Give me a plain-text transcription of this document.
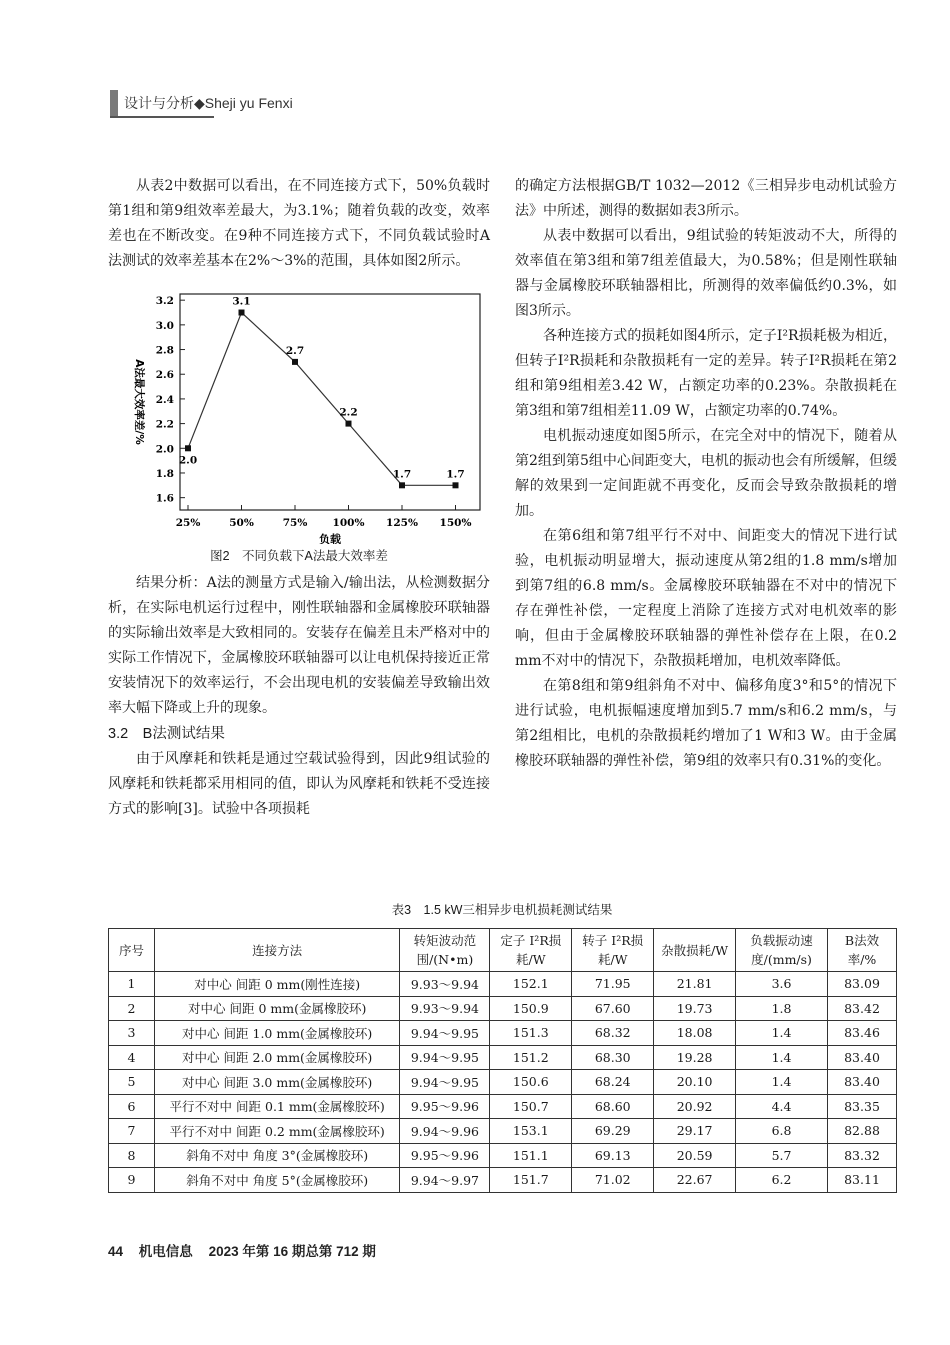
设计与分析◆Sheji yu Fenxi

从表2中数据可以看出，在不同连接方式下，50%负载时第1组和第9组效率差最大，为3.1%；随着负载的改变，效率差也在不断改变。在9种不同连接方式下，不同负载试验时A法测试的效率差基本在2%～3%的范围，具体如图2所示。

1.6
1.8
2.0
2.2
2.4
2.6
2.8
3.0
3.2
25%	50%	75% 100% 125% 150%
2.0
3.1
2.7
2.2
1.7	1.7
负载
A法最大效率差/%
图2　不同负载下A法最大效率差

结果分析：A法的测量方式是输入/输出法，从检测数据分析，在实际电机运行过程中，刚性联轴器和金属橡胶环联轴器的实际输出效率是大致相同的。安装存在偏差且未严格对中的实际工作情况下，金属橡胶环联轴器可以让电机保持接近正常安装情况下的效率运行，不会出现电机的安装偏差导致输出效率大幅下降或上升的现象。

3.2　B法测试结果

由于风摩耗和铁耗是通过空载试验得到，因此9组试验的风摩耗和铁耗都采用相同的值，即认为风摩耗和铁耗不受连接方式的影响[3]。试验中各项损耗

的确定方法根据GB/T 1032—2012《三相异步电动机试验方法》中所述，测得的数据如表3所示。

从表中数据可以看出，9组试验的转矩波动不大，所得的效率值在第3组和第7组差值最大，为0.58%；但是刚性联轴器与金属橡胶环联轴器相比，所测得的效率偏低约0.3%，如图3所示。

各种连接方式的损耗如图4所示，定子I²R损耗极为相近，但转子I²R损耗和杂散损耗有一定的差异。转子I²R损耗在第2组和第9组相差3.42 W，占额定功率的0.23%。杂散损耗在第3组和第7组相差11.09 W，占额定功率的0.74%。

电机振动速度如图5所示，在完全对中的情况下，随着从第2组到第5组中心间距变大，电机的振动也会有所缓解，但缓解的效果到一定间距就不再变化，反而会导致杂散损耗的增加。

在第6组和第7组平行不对中、间距变大的情况下进行试验，电机振动明显增大，振动速度从第2组的1.8 mm/s增加到第7组的6.8 mm/s。金属橡胶环联轴器在不对中的情况下存在弹性补偿，一定程度上消除了连接方式对电机效率的影响，但由于金属橡胶环联轴器的弹性补偿存在上限，在0.2 mm不对中的情况下，杂散损耗增加，电机效率降低。

在第8组和第9组斜角不对中、偏移角度3°和5°的情况下进行试验，电机振幅速度增加到5.7 mm/s和6.2 mm/s，与第2组相比，电机的杂散损耗约增加了1 W和3 W。由于金属橡胶环联轴器的弹性补偿，第9组的效率只有0.31%的变化。

表3　1.5 kW三相异步电机损耗测试结果
序号	连接方法	转矩波动范围/(N•m)	定子 I²R损耗/W	转子 I²R损耗/W	杂散损耗/W	负载振动速度/(mm/s)	B法效率/%
1	对中心 间距 0 mm(刚性连接)	9.93～9.94	152.1	71.95	21.81	3.6	83.09
2	对中心 间距 0 mm(金属橡胶环)	9.93～9.94	150.9	67.60	19.73	1.8	83.42
3	对中心 间距 1.0 mm(金属橡胶环)	9.94～9.95	151.3	68.32	18.08	1.4	83.46
4	对中心 间距 2.0 mm(金属橡胶环)	9.94～9.95	151.2	68.30	19.28	1.4	83.40
5	对中心 间距 3.0 mm(金属橡胶环)	9.94～9.95	150.6	68.24	20.10	1.4	83.40
6	平行不对中 间距 0.1 mm(金属橡胶环)	9.95～9.96	150.7	68.60	20.92	4.4	83.35
7	平行不对中 间距 0.2 mm(金属橡胶环)	9.94～9.96	153.1	69.29	29.17	6.8	82.88
8	斜角不对中 角度 3°(金属橡胶环)	9.95～9.96	151.1	69.13	20.59	5.7	83.32
9	斜角不对中 角度 5°(金属橡胶环)	9.94～9.97	151.7	71.02	22.67	6.2	83.11
44 机电信息 2023 年第 16 期总第 712 期
